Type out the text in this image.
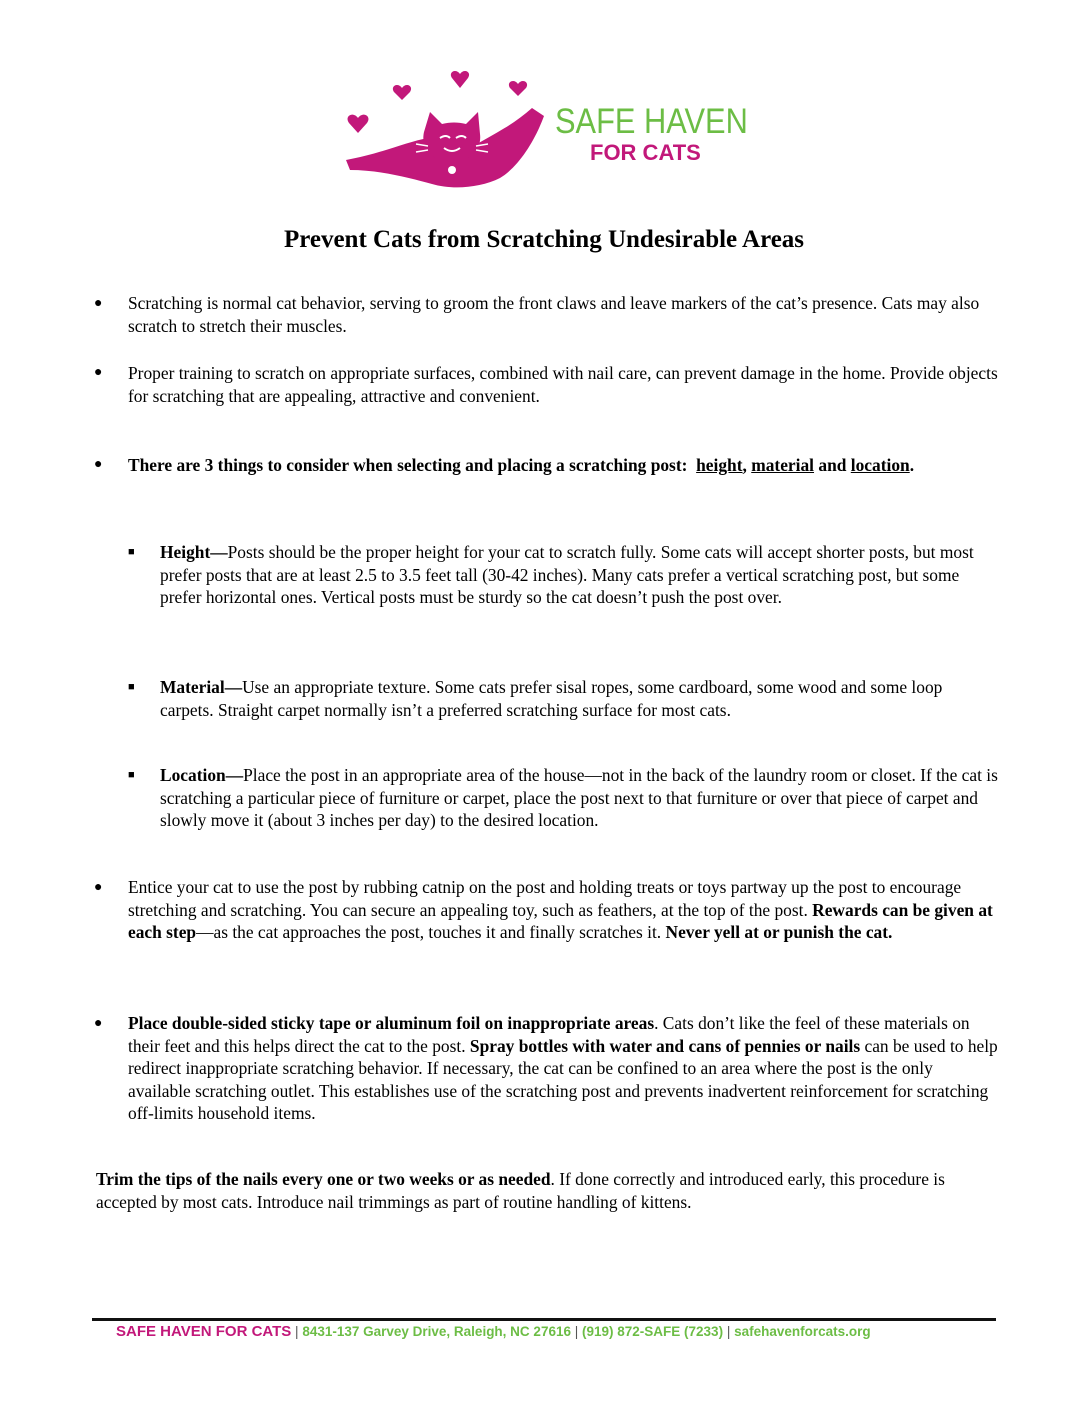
SAFE HAVEN
FOR CATS
Prevent Cats from Scratching Undesirable Areas
● Scratching is normal cat behavior, serving to groom the front claws and leave markers of the cat’s presence. Cats may also scratch to stretch their muscles.
● Proper training to scratch on appropriate surfaces, combined with nail care, can prevent damage in the home. Provide objects for scratching that are appealing, attractive and convenient.
● There are 3 things to consider when selecting and placing a scratching post: height, material and location.
■ Height—Posts should be the proper height for your cat to scratch fully. Some cats will accept shorter posts, but most prefer posts that are at least 2.5 to 3.5 feet tall (30-42 inches). Many cats prefer a vertical scratching post, but some prefer horizontal ones. Vertical posts must be sturdy so the cat doesn’t push the post over.
■ Material—Use an appropriate texture. Some cats prefer sisal ropes, some cardboard, some wood and some loop carpets. Straight carpet normally isn’t a preferred scratching surface for most cats.
■ Location—Place the post in an appropriate area of the house—not in the back of the laundry room or closet. If the cat is scratching a particular piece of furniture or carpet, place the post next to that furniture or over that piece of carpet and slowly move it (about 3 inches per day) to the desired location.
● Entice your cat to use the post by rubbing catnip on the post and holding treats or toys partway up the post to encourage stretching and scratching. You can secure an appealing toy, such as feathers, at the top of the post. Rewards can be given at each step—as the cat approaches the post, touches it and finally scratches it. Never yell at or punish the cat.
● Place double-sided sticky tape or aluminum foil on inappropriate areas. Cats don’t like the feel of these materials on their feet and this helps direct the cat to the post. Spray bottles with water and cans of pennies or nails can be used to help redirect inappropriate scratching behavior. If necessary, the cat can be confined to an area where the post is the only available scratching outlet. This establishes use of the scratching post and prevents inadvertent reinforcement for scratching off-limits household items.
Trim the tips of the nails every one or two weeks or as needed. If done correctly and introduced early, this procedure is accepted by most cats. Introduce nail trimmings as part of routine handling of kittens.
SAFE HAVEN FOR CATS | 8431-137 Garvey Drive, Raleigh, NC 27616 | (919) 872-SAFE (7233) | safehavenforcats.org
